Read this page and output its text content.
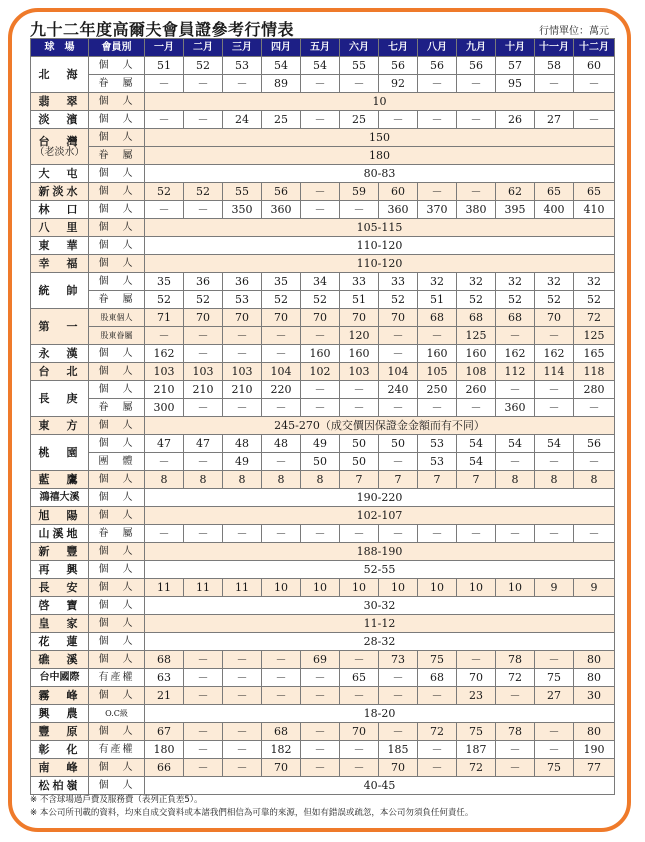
九十二年度高爾夫會員證參考行情表	行情單位：萬元
球　場	會員別	一月	二月	三月	四月	五月	六月	七月	八月	九月	十月	十一月	十二月

北　海	個　人	51	52	53	54	54	55	56	56	56	57	58	60
	眷　屬	－	－	－	89	－	－	92	－	－	95	－	－

翡　翠	個　人	10											

淡　濱	個　人	－	－	24	25	－	25	－	－	－	26	27	－

台　灣
（老淡水）	個　人	150											
	眷　屬	180											

大　屯	個　人	80-83											

新淡水	個　人	52	52	55	56	－	59	60	－	－	62	65	65

林　口	個　人	－	－	350	360	－	－	360	370	380	395	400	410

八　里	個　人	105-115											

東　華	個　人	110-120											

幸　福	個　人	110-120											

統　帥	個　人	35	36	36	35	34	33	33	32	32	32	32	32
	眷　屬	52	52	53	52	52	51	52	51	52	52	52	52

第　一	股東個人	71	70	70	70	70	70	70	68	68	68	70	72
	股東眷屬	－	－	－	－	－	120	－	－	125	－	－	125

永　漢	個　人	162	－	－	－	160	160	－	160	160	162	162	165

台　北	個　人	103	103	103	104	102	103	104	105	108	112	114	118

長　庚	個　人	210	210	210	220	－	－	240	250	260	－	－	280
	眷　屬	300	－	－	－	－	－	－	－	－	360	－	－

東　方	個　人	245-270（成交價因保證金金額而有不同）											

桃　園	個　人	47	47	48	48	49	50	50	53	54	54	54	56
	團　體	－	－	49	－	50	50	－	53	54	－	－	－

藍　鷹	個　人	8	8	8	8	8	7	7	7	7	8	8	8

鴻禧大溪	個　人	190-220											

旭　陽	個　人	102-107											

山溪地	眷　屬	－	－	－	－	－	－	－	－	－	－	－	－

新　豐	個　人	188-190											

再　興	個　人	52-55											

長　安	個　人	11	11	11	10	10	10	10	10	10	10	9	9

啓　寶	個　人	30-32											

皇　家	個　人	11-12											

花　蓮	個　人	28-32											

礁　溪	個　人	68	－	－	－	69	－	73	75	－	78	－	80

台中國際	有產權	63	－	－	－	－	65	－	68	70	72	75	80

霧　峰	個　人	21	－	－	－	－	－	－	－	23	－	27	30

興　農	O.C級	18-20											

豐　原	個　人	67	－	－	68	－	70	－	72	75	78	－	80

彰　化	有產權	180	－	－	182	－	－	185	－	187	－	－	190

南　峰	個　人	66	－	－	70	－	－	70	－	72	－	75	77

松柏嶺	個　人	40-45											
※ 不含球場過戶費及服務費（表列正負差5）。
※ 本公司所刊載的資料，均來自成交資料或本諸我們相信為可靠的來源，但如有錯誤或疏忽，本公司勿須負任何責任。
